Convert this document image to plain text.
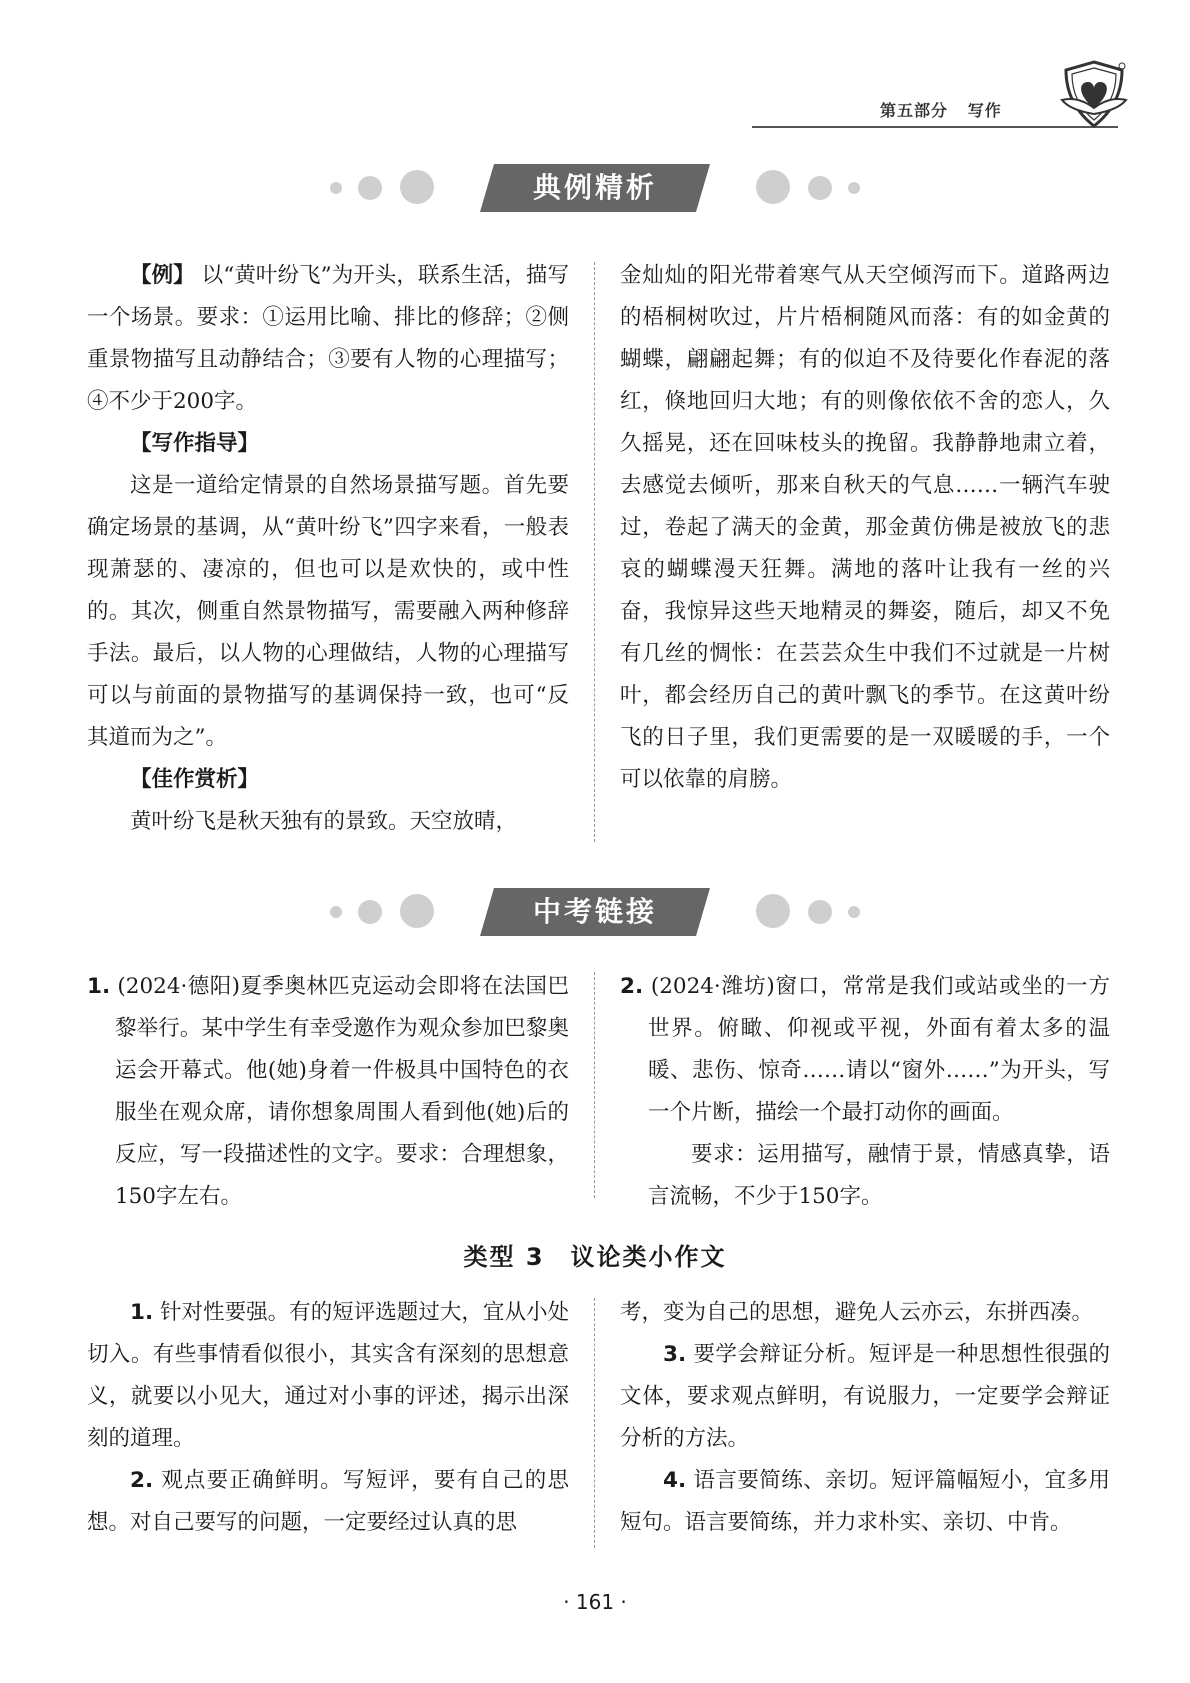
第五部分 写作
典例精析

【例】 以“黄叶纷飞”为开头，联系生活，描写一个场景。要求：①运用比喻、排比的修辞；②侧重景物描写且动静结合；③要有人物的心理描写；④不少于200字。

【写作指导】

这是一道给定情景的自然场景描写题。首先要确定场景的基调，从“黄叶纷飞”四字来看，一般表现萧瑟的、凄凉的，但也可以是欢快的，或中性的。其次，侧重自然景物描写，需要融入两种修辞手法。最后，以人物的心理做结，人物的心理描写可以与前面的景物描写的基调保持一致，也可“反其道而为之”。

【佳作赏析】

黄叶纷飞是秋天独有的景致。天空放晴，

金灿灿的阳光带着寒气从天空倾泻而下。道路两边的梧桐树吹过，片片梧桐随风而落：有的如金黄的蝴蝶，翩翩起舞；有的似迫不及待要化作春泥的落红，倏地回归大地；有的则像依依不舍的恋人，久久摇晃，还在回味枝头的挽留。我静静地肃立着，去感觉去倾听，那来自秋天的气息……一辆汽车驶过，卷起了满天的金黄，那金黄仿佛是被放飞的悲哀的蝴蝶漫天狂舞。满地的落叶让我有一丝的兴奋，我惊异这些天地精灵的舞姿，随后，却又不免有几丝的惆怅：在芸芸众生中我们不过就是一片树叶，都会经历自己的黄叶飘飞的季节。在这黄叶纷飞的日子里，我们更需要的是一双暖暖的手，一个可以依靠的肩膀。

中考链接

1. (2024·德阳)夏季奥林匹克运动会即将在法国巴黎举行。某中学生有幸受邀作为观众参加巴黎奥运会开幕式。他(她)身着一件极具中国特色的衣服坐在观众席，请你想象周围人看到他(她)后的反应，写一段描述性的文字。要求：合理想象，150字左右。

2. (2024·潍坊)窗口，常常是我们或站或坐的一方世界。俯瞰、仰视或平视，外面有着太多的温暖、悲伤、惊奇……请以“窗外……”为开头，写一个片断，描绘一个最打动你的画面。

要求：运用描写，融情于景，情感真挚，语言流畅，不少于150字。

类型 3　议论类小作文

1. 针对性要强。有的短评选题过大，宜从小处切入。有些事情看似很小，其实含有深刻的思想意义，就要以小见大，通过对小事的评述，揭示出深刻的道理。

2. 观点要正确鲜明。写短评，要有自己的思想。对自己要写的问题，一定要经过认真的思

考，变为自己的思想，避免人云亦云，东拼西凑。

3. 要学会辩证分析。短评是一种思想性很强的文体，要求观点鲜明，有说服力，一定要学会辩证分析的方法。

4. 语言要简练、亲切。短评篇幅短小，宜多用短句。语言要简练，并力求朴实、亲切、中肯。

· 161 ·
